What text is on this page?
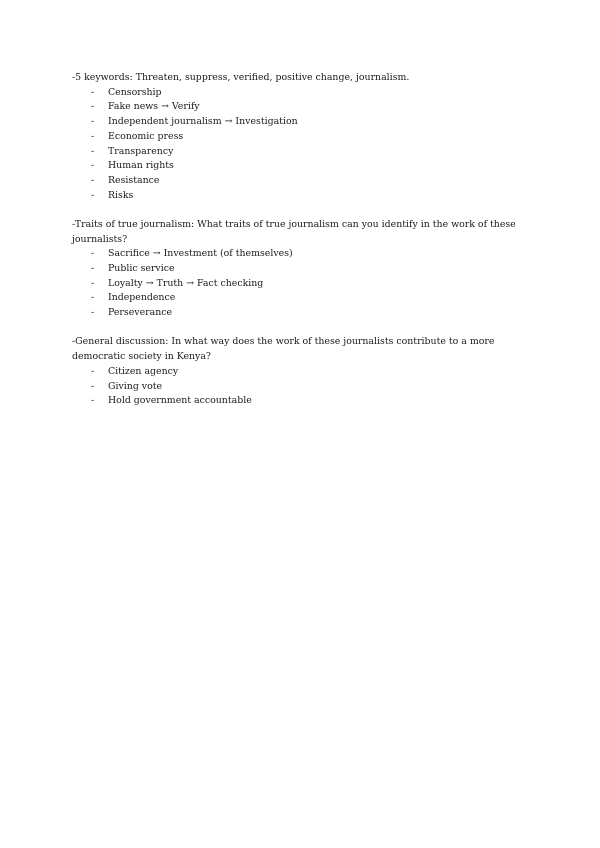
-5 keywords: Threaten, suppress, verified, positive change, journalism.

- Censorship
- Fake news → Verify
- Independent journalism → Investigation
- Economic press
- Transparency
- Human rights
- Resistance
- Risks

-Traits of true journalism: What traits of true journalism can you identify in the work of these journalists?

- Sacrifice → Investment (of themselves)
- Public service
- Loyalty → Truth → Fact checking
- Independence
- Perseverance

-General discussion: In what way does the work of these journalists contribute to a more democratic society in Kenya?

- Citizen agency
- Giving vote
- Hold government accountable
